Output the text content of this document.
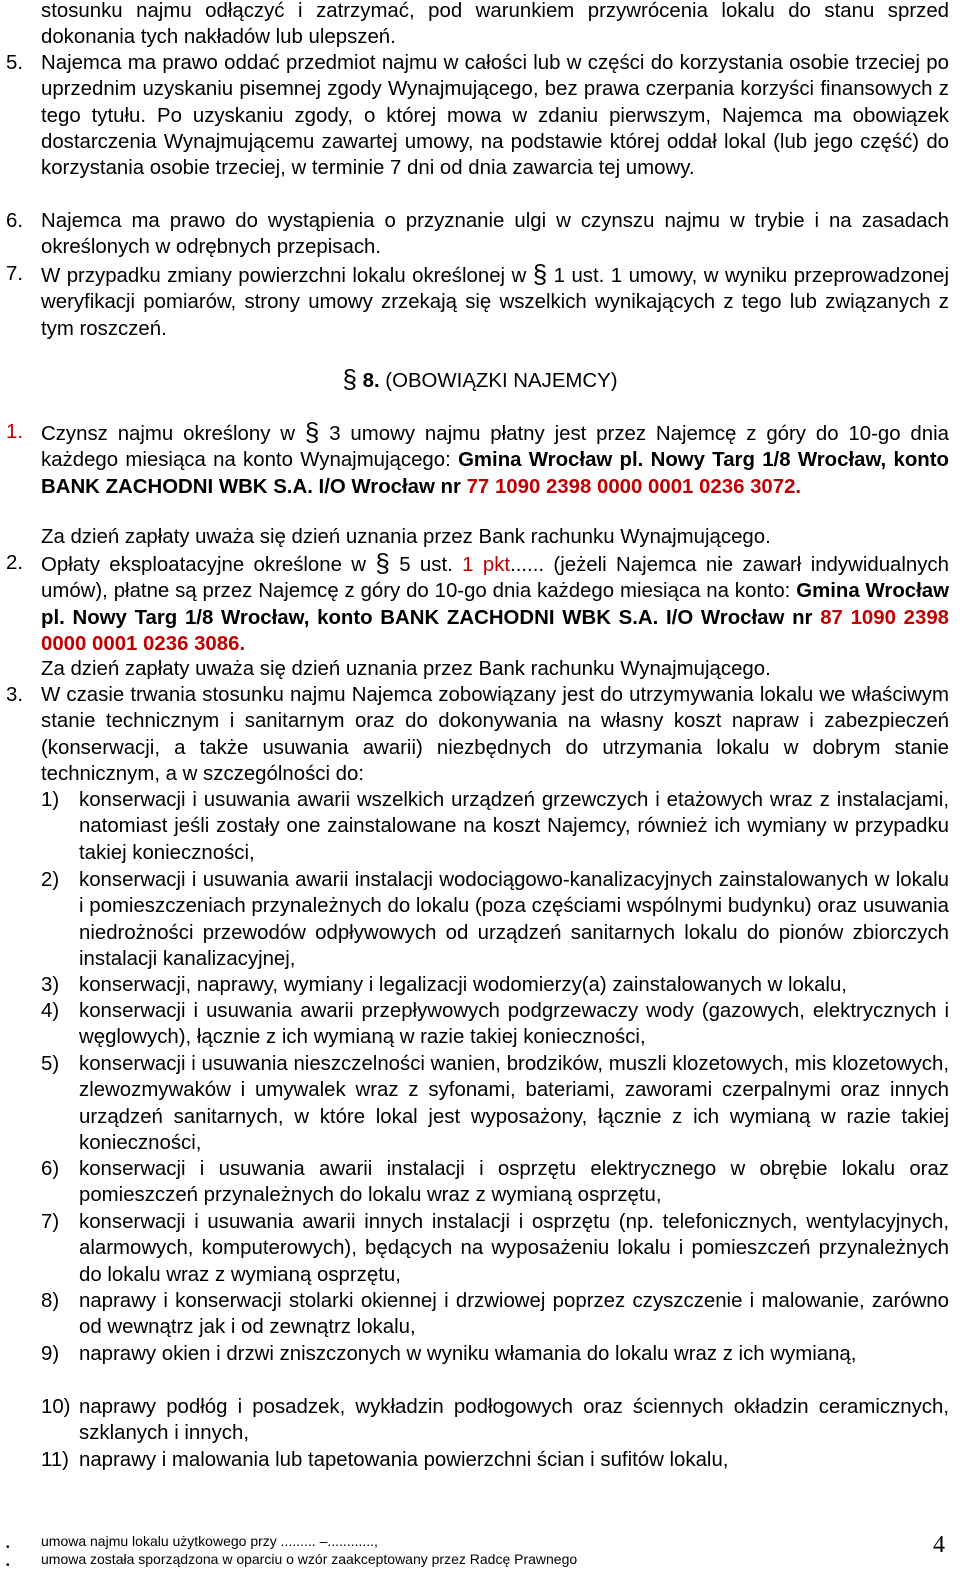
stosunku najmu odłączyć i zatrzymać, pod warunkiem przywrócenia lokalu do stanu sprzed dokonania tych nakładów lub ulepszeń.
5. Najemca ma prawo oddać przedmiot najmu w całości lub w części do korzystania osobie trzeciej po uprzednim uzyskaniu pisemnej zgody Wynajmującego, bez prawa czerpania korzyści finansowych z tego tytułu. Po uzyskaniu zgody, o której mowa w zdaniu pierwszym, Najemca ma obowiązek dostarczenia Wynajmującemu zawartej umowy, na podstawie której oddał lokal (lub jego część) do korzystania osobie trzeciej, w terminie 7 dni od dnia zawarcia tej umowy.
6. Najemca ma prawo do wystąpienia o przyznanie ulgi w czynszu najmu w trybie i na zasadach określonych w odrębnych przepisach.
7. W przypadku zmiany powierzchni lokalu określonej w § 1 ust. 1 umowy, w wyniku przeprowadzonej weryfikacji pomiarów, strony umowy zrzekają się wszelkich wynikających z tego lub związanych z tym roszczeń.
§ 8. (OBOWIĄZKI NAJEMCY)
1. Czynsz najmu określony w § 3 umowy najmu płatny jest przez Najemcę z góry do 10-go dnia każdego miesiąca na konto Wynajmującego: Gmina Wrocław pl. Nowy Targ 1/8 Wrocław, konto BANK ZACHODNI WBK S.A. I/O Wrocław nr 77 1090 2398 0000 0001 0236 3072.
Za dzień zapłaty uważa się dzień uznania przez Bank rachunku Wynajmującego.
2. Opłaty eksploatacyjne określone w § 5 ust. 1 pkt...... (jeżeli Najemca nie zawarł indywidualnych umów), płatne są przez Najemcę z góry do 10-go dnia każdego miesiąca na konto: Gmina Wrocław pl. Nowy Targ 1/8 Wrocław, konto BANK ZACHODNI WBK S.A. I/O Wrocław nr 87 1090 2398 0000 0001 0236 3086.
Za dzień zapłaty uważa się dzień uznania przez Bank rachunku Wynajmującego.
3. W czasie trwania stosunku najmu Najemca zobowiązany jest do utrzymywania lokalu we właściwym stanie technicznym i sanitarnym oraz do dokonywania na własny koszt napraw i zabezpieczeń (konserwacji, a także usuwania awarii) niezbędnych do utrzymania lokalu w dobrym stanie technicznym, a w szczególności do:
1) konserwacji i usuwania awarii wszelkich urządzeń grzewczych i etażowych wraz z instalacjami, natomiast jeśli zostały one zainstalowane na koszt Najemcy, również ich wymiany w przypadku takiej konieczności,
2) konserwacji i usuwania awarii instalacji wodociągowo-kanalizacyjnych zainstalowanych w lokalu i pomieszczeniach przynależnych do lokalu (poza częściami wspólnymi budynku) oraz usuwania niedrożności przewodów odpływowych od urządzeń sanitarnych lokalu do pionów zbiorczych instalacji kanalizacyjnej,
3) konserwacji, naprawy, wymiany i legalizacji wodomierzy(a) zainstalowanych w lokalu,
4) konserwacji i usuwania awarii przepływowych podgrzewaczy wody (gazowych, elektrycznych i węglowych), łącznie z ich wymianą w razie takiej konieczności,
5) konserwacji i usuwania nieszczelności wanien, brodzików, muszli klozetowych, mis klozetowych, zlewozmywaków i umywalek wraz z syfonami, bateriami, zaworami czerpalnymi oraz innych urządzeń sanitarnych, w które lokal jest wyposażony, łącznie z ich wymianą w razie takiej konieczności,
6) konserwacji i usuwania awarii instalacji i osprzętu elektrycznego w obrębie lokalu oraz pomieszczeń przynależnych do lokalu wraz z wymianą osprzętu,
7) konserwacji i usuwania awarii innych instalacji i osprzętu (np. telefonicznych, wentylacyjnych, alarmowych, komputerowych), będących na wyposażeniu lokalu i pomieszczeń przynależnych do lokalu wraz z wymianą osprzętu,
8) naprawy i konserwacji stolarki okiennej i drzwiowej poprzez czyszczenie i malowanie, zarówno od wewnątrz jak i od zewnątrz lokalu,
9) naprawy okien i drzwi zniszczonych w wyniku włamania do lokalu wraz z ich wymianą,
10) naprawy podłóg i posadzek, wykładzin podłogowych oraz ściennych okładzin ceramicznych, szklanych i innych,
11) naprawy i malowania lub tapetowania powierzchni ścian i sufitów lokalu,
•
•
umowa najmu lokalu użytkowego przy ......... –............,
umowa została sporządzona w oparciu o wzór zaakceptowany przez Radcę Prawnego
4
